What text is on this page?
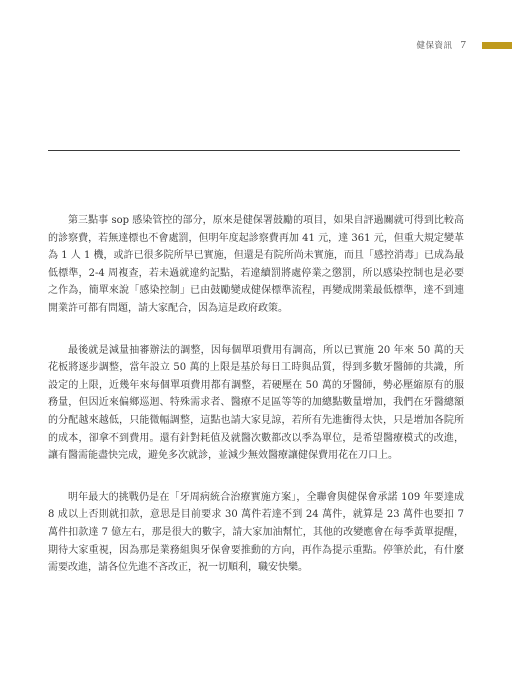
健保資訊 7

第三點事 sop 感染管控的部分，原來是健保署鼓勵的項目，如果自評過關就可得到比較高的診察費，若無達標也不會處罰，但明年度起診察費再加 41 元，達 361 元，但重大規定變革為 1 人 1 機，或許已很多院所早已實施，但還是有院所尚未實施，而且「感控消毒」已成為最低標準，2-4 周複查，若未過就違約記點，若違續罰將處停業之懲罰，所以感染控制也是必要之作為，簡單來說「感染控制」已由鼓勵變成健保標準流程，再變成開業最低標準，達不到連開業許可都有問題，請大家配合，因為這是政府政策。

最後就是減量抽審辦法的調整，因每個單項費用有調高，所以已實施 20 年來 50 萬的天花板將逐步調整，當年設立 50 萬的上限是基於每日工時與品質，得到多數牙醫師的共識，所設定的上限，近幾年來每個單項費用都有調整，若硬壓在 50 萬的牙醫師，勢必壓縮原有的服務量，但因近來偏鄉巡迴、特殊需求者、醫療不足區等等的加總點數量增加，我們在牙醫總額的分配越來越低，只能微幅調整，這點也請大家見諒，若所有先進衝得太快，只是增加各院所的成本，卻拿不到費用。還有針對耗值及就醫次數都改以季為單位，是希望醫療模式的改進，讓有醫需能盡快完成，避免多次就診，並減少無效醫療讓健保費用花在刀口上。

明年最大的挑戰仍是在「牙周病統合治療實施方案」，全聯會與健保會承諾 109 年要達成 8 成以上否則就扣款，意思是目前要求 30 萬件若達不到 24 萬件，就算是 23 萬件也要扣 7 萬件扣款達 7 億左右，那是很大的數字，請大家加油幫忙，其他的改變應會在每季黃單提醒，期待大家重視，因為那是業務組與牙保會要推動的方向，再作為提示重點。停筆於此，有什麼需要改進，請各位先進不吝改正，祝一切順利，職安快樂。
